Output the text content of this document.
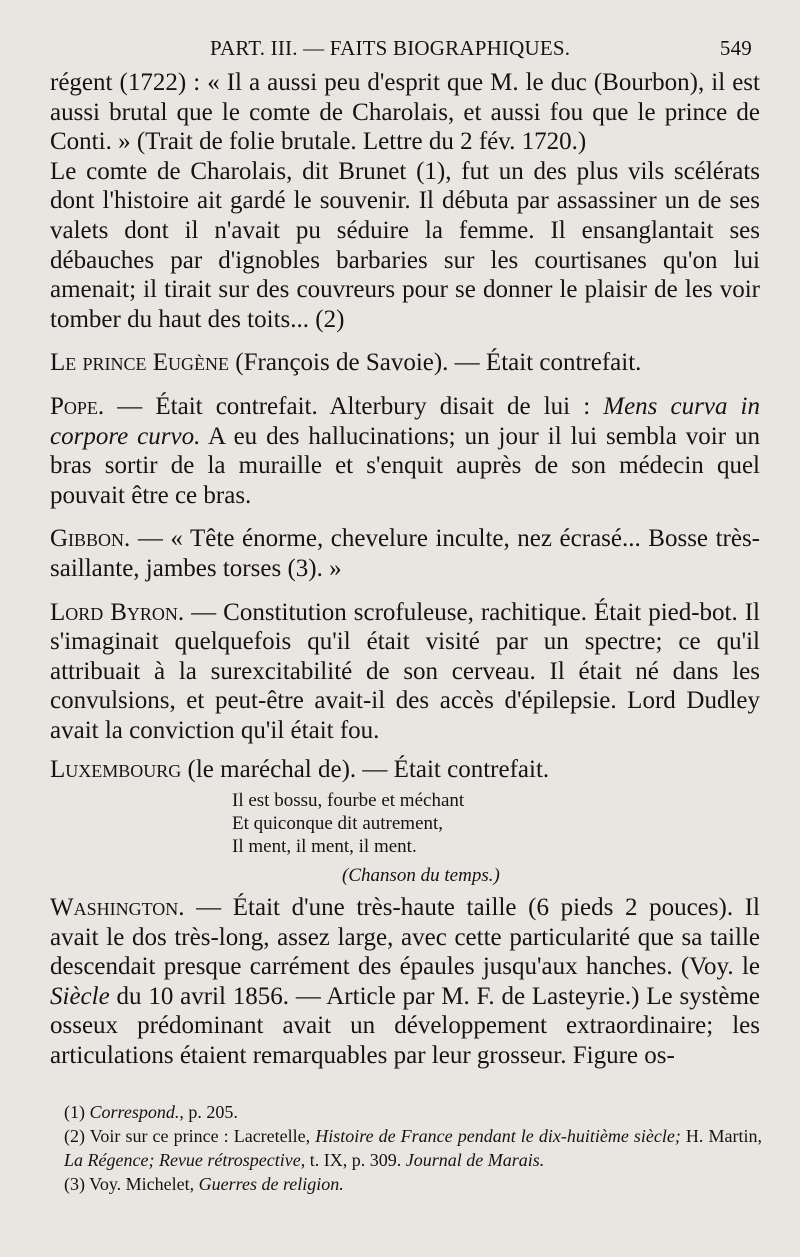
PART. III. — FAITS BIOGRAPHIQUES.	549

régent (1722) : « Il a aussi peu d'esprit que M. le duc (Bourbon), il est aussi brutal que le comte de Charolais, et aussi fou que le prince de Conti. » (Trait de folie brutale. Lettre du 2 fév. 1720.)

Le comte de Charolais, dit Brunet (1), fut un des plus vils scélérats dont l'histoire ait gardé le souvenir. Il débuta par assassiner un de ses valets dont il n'avait pu séduire la femme. Il ensanglantait ses débauches par d'ignobles barbaries sur les courtisanes qu'on lui amenait; il tirait sur des couvreurs pour se donner le plaisir de les voir tomber du haut des toits... (2)

Le prince Eugène (François de Savoie). — Était contrefait.

Pope. — Était contrefait. Alterbury disait de lui : Mens curva in corpore curvo. A eu des hallucinations; un jour il lui sembla voir un bras sortir de la muraille et s'enquit auprès de son médecin quel pouvait être ce bras.

Gibbon. — « Tête énorme, chevelure inculte, nez écrasé... Bosse très-saillante, jambes torses (3). »

Lord Byron. — Constitution scrofuleuse, rachitique. Était pied-bot. Il s'imaginait quelquefois qu'il était visité par un spectre; ce qu'il attribuait à la surexcitabilité de son cerveau. Il était né dans les convulsions, et peut-être avait-il des accès d'épilepsie. Lord Dudley avait la conviction qu'il était fou.

Luxembourg (le maréchal de). — Était contrefait.

Il est bossu, fourbe et méchant
Et quiconque dit autrement,
Il ment, il ment, il ment.
(Chanson du temps.)

Washington. — Était d'une très-haute taille (6 pieds 2 pouces). Il avait le dos très-long, assez large, avec cette particularité que sa taille descendait presque carrément des épaules jusqu'aux hanches. (Voy. le Siècle du 10 avril 1856. — Article par M. F. de Lasteyrie.) Le système osseux prédominant avait un développement extraordinaire; les articulations étaient remarquables par leur grosseur. Figure os-

(1) Correspond., p. 205.

(2) Voir sur ce prince : Lacretelle, Histoire de France pendant le dix-huitième siècle; H. Martin, La Régence; Revue rétrospective, t. IX, p. 309. Journal de Marais.

(3) Voy. Michelet, Guerres de religion.
